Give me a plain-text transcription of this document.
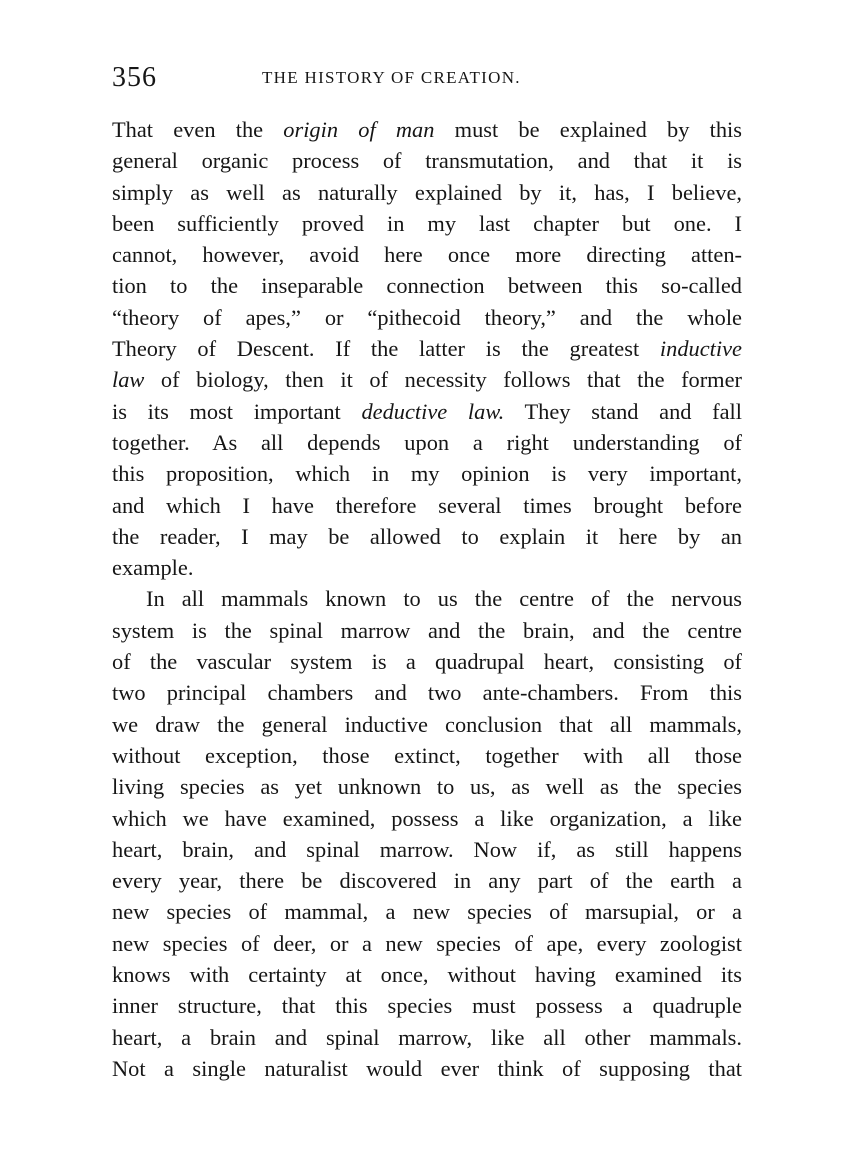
356	THE HISTORY OF CREATION.
That even the origin of man must be explained by this
general organic process of transmutation, and that it is
simply as well as naturally explained by it, has, I believe,
been sufficiently proved in my last chapter but one. I
cannot, however, avoid here once more directing atten-
tion to the inseparable connection between this so-called
“theory of apes,” or “pithecoid theory,” and the whole
Theory of Descent. If the latter is the greatest inductive
law of biology, then it of necessity follows that the former
is its most important deductive law. They stand and fall
together. As all depends upon a right understanding of
this proposition, which in my opinion is very important,
and which I have therefore several times brought before
the reader, I may be allowed to explain it here by an
example.
In all mammals known to us the centre of the nervous
system is the spinal marrow and the brain, and the centre
of the vascular system is a quadrupal heart, consisting of
two principal chambers and two ante-chambers. From this
we draw the general inductive conclusion that all mammals,
without exception, those extinct, together with all those
living species as yet unknown to us, as well as the species
which we have examined, possess a like organization, a like
heart, brain, and spinal marrow. Now if, as still happens
every year, there be discovered in any part of the earth a
new species of mammal, a new species of marsupial, or a
new species of deer, or a new species of ape, every zoologist
knows with certainty at once, without having examined its
inner structure, that this species must possess a quadruple
heart, a brain and spinal marrow, like all other mammals.
Not a single naturalist would ever think of supposing that
